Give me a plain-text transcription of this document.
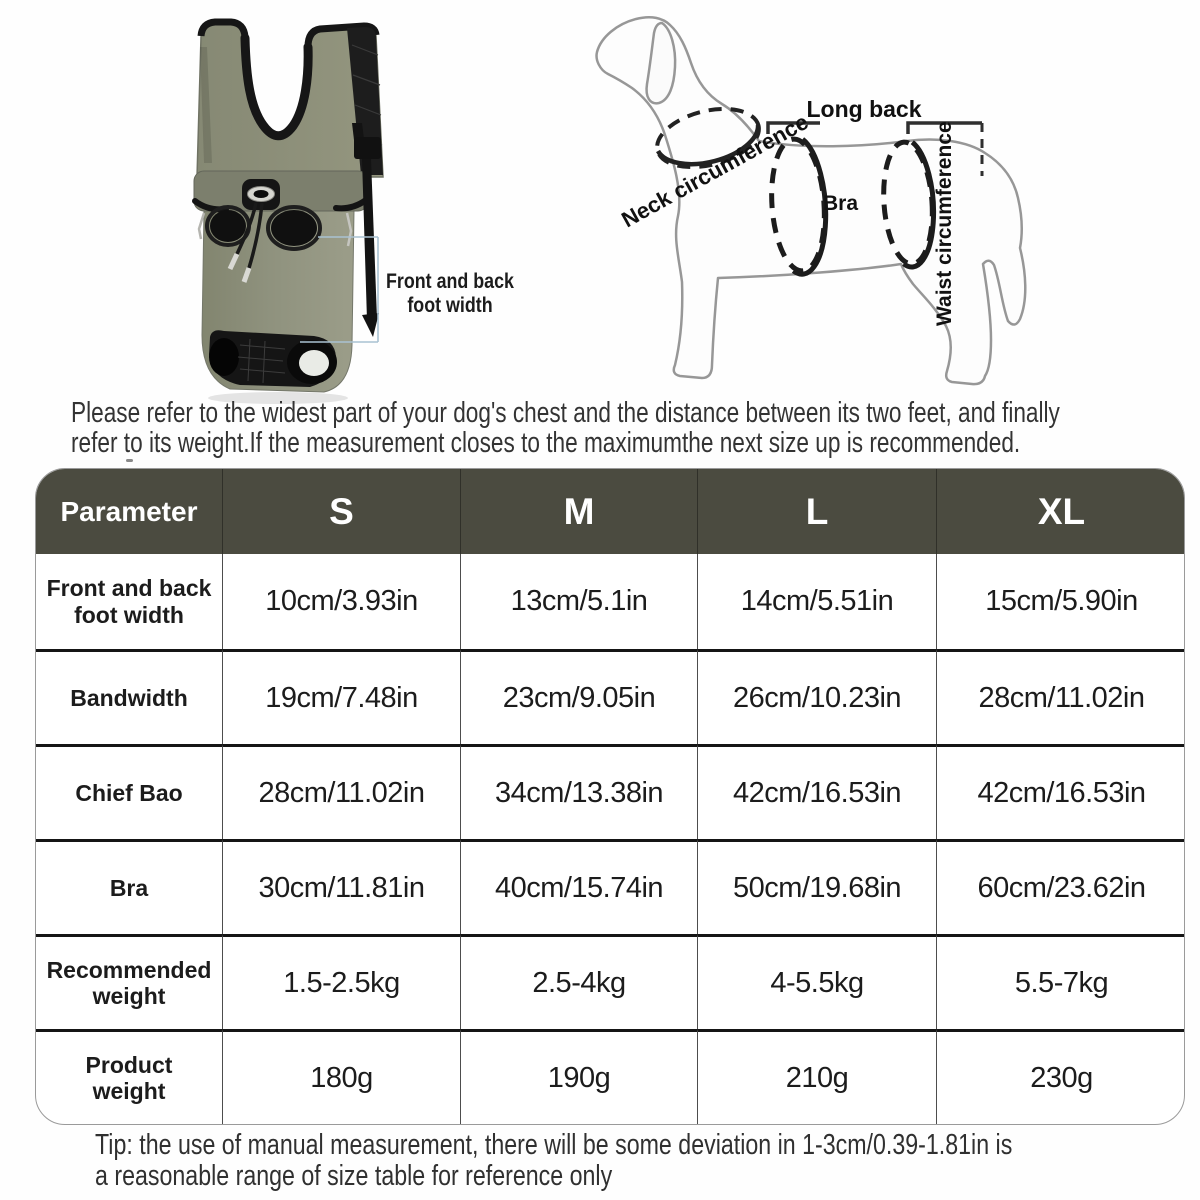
Front and back
foot width
Long back
Neck circumference Bra	Waist circumference
Please refer to the widest part of your dog's chest and the distance between its two feet, and finally
refer to its weight.If the measurement closes to the maximumthe next size up is recommended.
Parameter	S	M	L	XL
Front and back foot width	10cm/3.93in	13cm/5.1in	14cm/5.51in	15cm/5.90in
Bandwidth	19cm/7.48in	23cm/9.05in	26cm/10.23in	28cm/11.02in
Chief Bao	28cm/11.02in	34cm/13.38in	42cm/16.53in	42cm/16.53in
Bra	30cm/11.81in	40cm/15.74in	50cm/19.68in	60cm/23.62in
Recommended weight	1.5-2.5kg	2.5-4kg	4-5.5kg	5.5-7kg
Product weight	180g	190g	210g	230g
Tip: the use of manual measurement, there will be some deviation in 1-3cm/0.39-1.81in is
a reasonable range of size table for reference only
